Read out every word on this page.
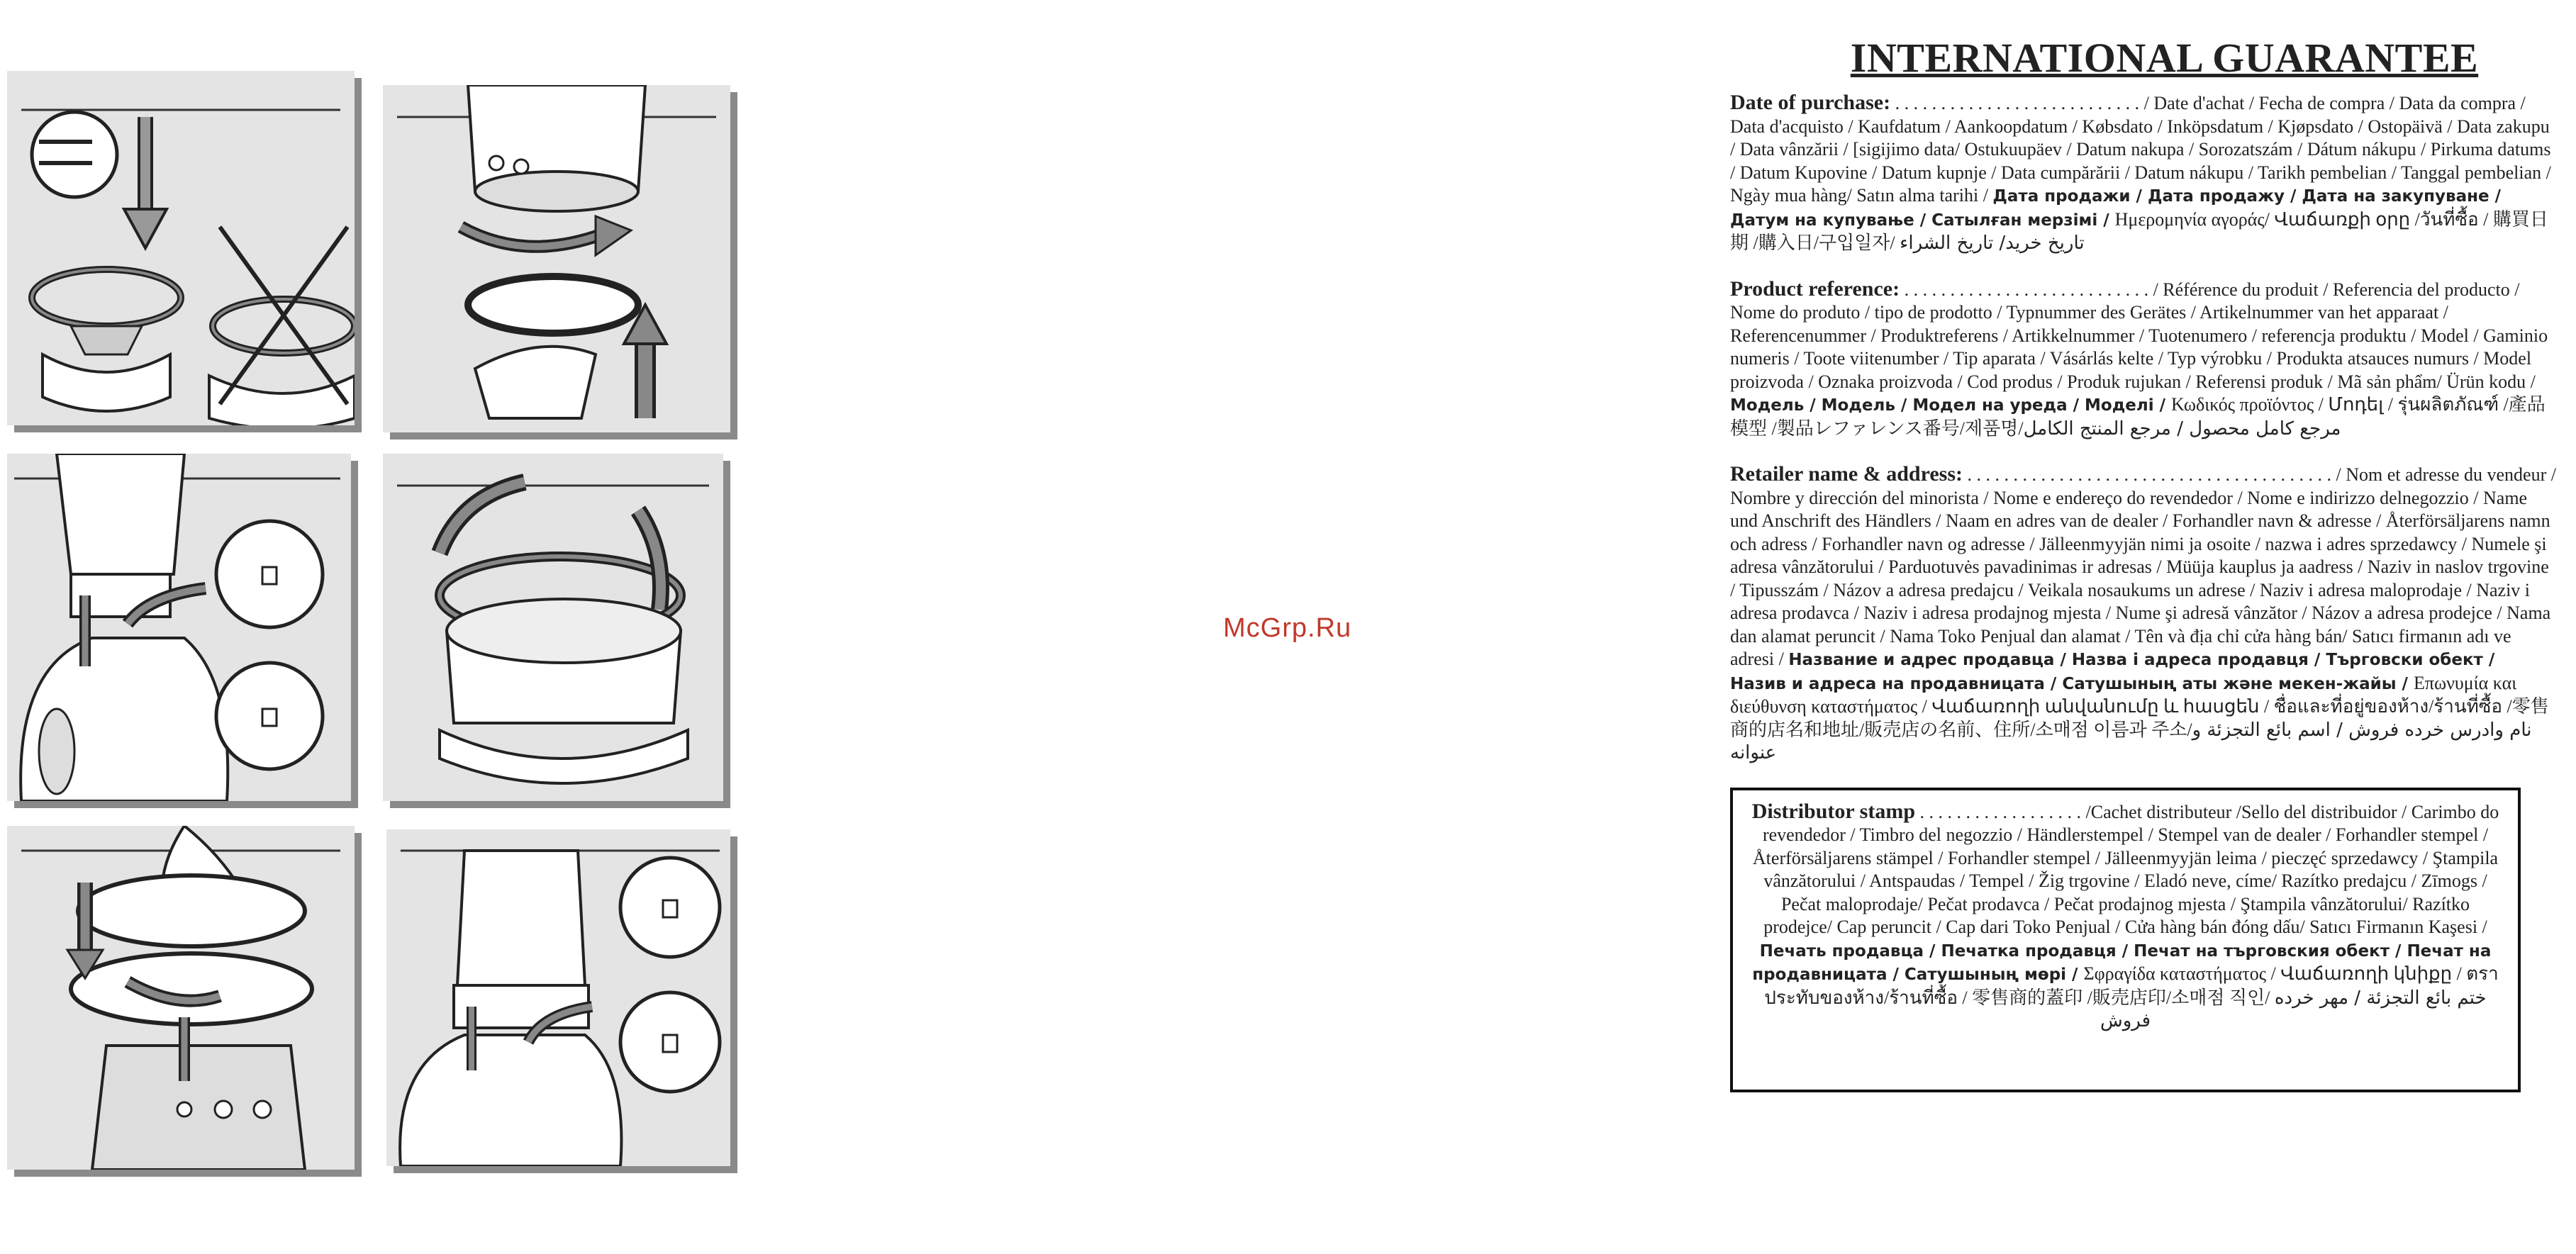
McGrp.Ru
INTERNATIONAL GUARANTEE
Date of purchase: . . . . . . . . . . . . . . . . . . . . . . . . . . . / Date d'achat / Fecha de compra / Data da compra / Data d'acquisto / Kaufdatum / Aankoopdatum / Købsdato / Inköpsdatum / Kjøpsdato / Ostopäivä / Data zakupu / Data vânzării / [sigijimo data/ Ostukuupäev / Datum nakupa / Sorozatszám / Dátum nákupu / Pirkuma datums / Datum Kupovine / Datum kupnje / Data cumpărării / Datum nákupu / Tarikh pembelian / Tanggal pembelian / Ngày mua hàng/ Satın alma tarihi / Дата продажи / Дата продажу / Дата на закупуване / Датум на купување / Сатылған мерзімі / Ημερομηνία αγοράς/ Վաճառքի օրը /วันที่ซื้อ / 購買日期 /購入日/구입일자/ تاريخ خريد/ تاريخ الشراء
Product reference: . . . . . . . . . . . . . . . . . . . . . . . . . . . / Référence du produit / Referencia del producto / Nome do produto / tipo de prodotto / Typnummer des Gerätes / Artikelnummer van het apparaat / Referencenummer / Produktreferens / Artikkelnummer / Tuotenumero / referencja produktu / Model / Gaminio numeris / Toote viitenumber / Tip aparata / Vásárlás kelte / Typ výrobku / Produkta atsauces numurs / Model proizvoda / Oznaka proizvoda / Cod produs / Produk rujukan / Referensi produk / Mã sản phẩm/ Ürün kodu / Модель / Модель / Модел на уреда / Моделі / Κωδικός προϊόντος / Մոդել / รุ่นผลิตภัณฑ์ /產品模型 /製品レファレンス番号/제품명/مرجع كامل محصول / مرجع المنتج الكامل
Retailer name & address: . . . . . . . . . . . . . . . . . . . . . . . . . . . . . . . . . . . . . . . . / Nom et adresse du vendeur / Nombre y dirección del minorista / Nome e endereço do revendedor / Nome e indirizzo delnegozzio / Name und Anschrift des Händlers / Naam en adres van de dealer / Forhandler navn & adresse / Återförsäljarens namn och adress / Forhandler navn og adresse / Jälleenmyyjän nimi ja osoite / nazwa i adres sprzedawcy / Numele şi adresa vânzătorului / Parduotuvės pavadinimas ir adresas / Müüja kauplus ja aadress / Naziv in naslov trgovine / Tipusszám / Názov a adresa predajcu / Veikala nosaukums un adrese / Naziv i adresa maloprodaje / Naziv i adresa prodavca / Naziv i adresa prodajnog mjesta / Nume şi adresă vânzător / Názov a adresa prodejce / Nama dan alamat peruncit / Nama Toko Penjual dan alamat / Tên và địa chỉ cửa hàng bán/ Satıcı firmanın adı ve adresi / Название и адрес продавца / Назва і адреса продавця / Търговски обект / Назив и адреса на продавницата / Сатушының аты және мекен-жайы / Επωνυμία και διεύθυνση καταστήματος / Վաճառողի անվանումը և հասցեն / ชื่อและที่อยู่ของห้าง/ร้านที่ซื้อ /零售商的店名和地址/販売店の名前、住所/소매점 이름과 주소/نام وادرس خرده فروش / اسم بائع التجزئة و عنوانه
Distributor stamp . . . . . . . . . . . . . . . . . . /Cachet distributeur /Sello del distribuidor / Carimbo do revendedor / Timbro del negozzio / Händlerstempel / Stempel van de dealer / Forhandler stempel / Återförsäljarens stämpel / Forhandler stempel / Jälleenmyyjän leima / pieczęć sprzedawcy / Ştampila vânzătorului / Antspaudas / Tempel / Žig trgovine / Eladó neve, címe/ Razítko predajcu / Zīmogs / Pečat maloprodaje/ Pečat prodavca / Pečat prodajnog mjesta / Ştampila vânzătorului/ Razítko prodejce/ Cap peruncit / Cap dari Toko Penjual / Cửa hàng bán đóng dấu/ Satıcı Firmanın Kaşesi / Печать продавца / Печатка продавця / Печат на търговския обект / Печат на продавницата / Сатушының мөрі / Σφραγίδα καταστήματος / Վաճառողի կնիքը / ตราประทับของห้าง/ร้านที่ซื้อ / 零售商的蓋印 /販売店印/소매점 직인/ ختم بائع التجزئة / مهر خرده فروش
